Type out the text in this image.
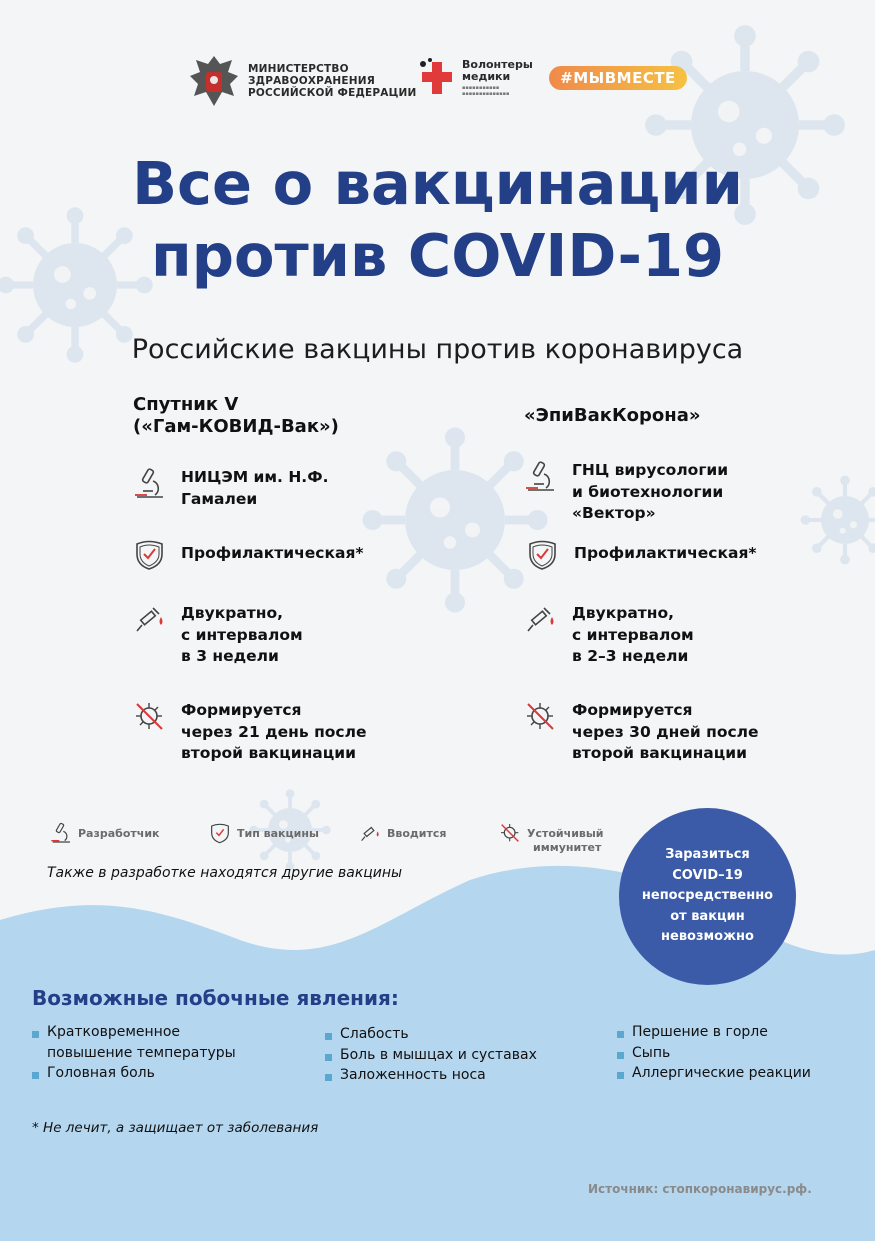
МИНИСТЕРСТВО
ЗДРАВООХРАНЕНИЯ
РОССИЙСКОЙ ФЕДЕРАЦИИ
Волонтеры
медики
▪▪▪▪▪▪▪▪▪▪▪
▪▪▪▪▪▪▪▪▪▪▪▪▪▪
#МЫВМЕСТЕ
Все о вакцинации
против COVID-19
Российские вакцины против коронавируса
Спутник V
(«Гам-КОВИД-Вак»)
НИЦЭМ им. Н.Ф.
Гамалеи
Профилактическая*
Двукратно,
с интервалом
в 3 недели
Формируется
через 21 день после
второй вакцинации
«ЭпиВакКорона»
ГНЦ вирусологии
и биотехнологии
«Вектор»
Профилактическая*
Двукратно,
с интервалом
в 2–3 недели
Формируется
через 30 дней после
второй вакцинации
Разработчик	Тип вакцины	Вводится	Устойчивый
иммунитет
Также в разработке находятся другие вакцины
Заразиться
COVID–19
непосредственно
от вакцин
невозможно
Возможные побочные явления:
Кратковременное
повышение температуры
Головная боль
Слабость
Боль в мышцах и суставах
Заложенность носа
Першение в горле
Сыпь
Аллергические реакции
* Не лечит, а защищает от заболевания
Источник: стопкоронавирус.рф.
